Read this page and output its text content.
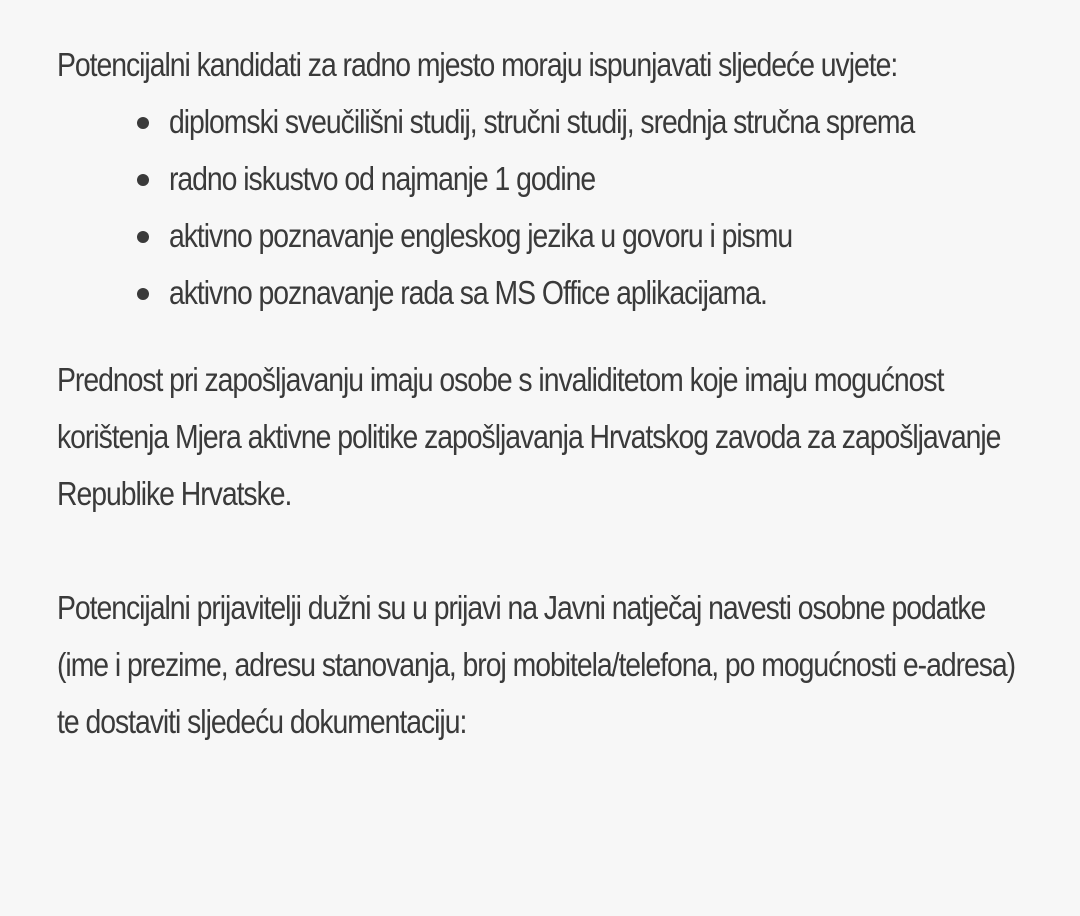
Potencijalni kandidati za radno mjesto moraju ispunjavati sljedeće uvjete:

diplomski sveučilišni studij, stručni studij, srednja stručna sprema
radno iskustvo od najmanje 1 godine
aktivno poznavanje engleskog jezika u govoru i pismu
aktivno poznavanje rada sa MS Office aplikacijama.

Prednost pri zapošljavanju imaju osobe s invaliditetom koje imaju mogućnost korištenja Mjera aktivne politike zapošljavanja Hrvatskog zavoda za zapošljavanje Republike Hrvatske.

Potencijalni prijavitelji dužni su u prijavi na Javni natječaj navesti osobne podatke (ime i prezime, adresu stanovanja, broj mobitela/telefona, po mogućnosti e-adresa) te dostaviti sljedeću dokumentaciju:
